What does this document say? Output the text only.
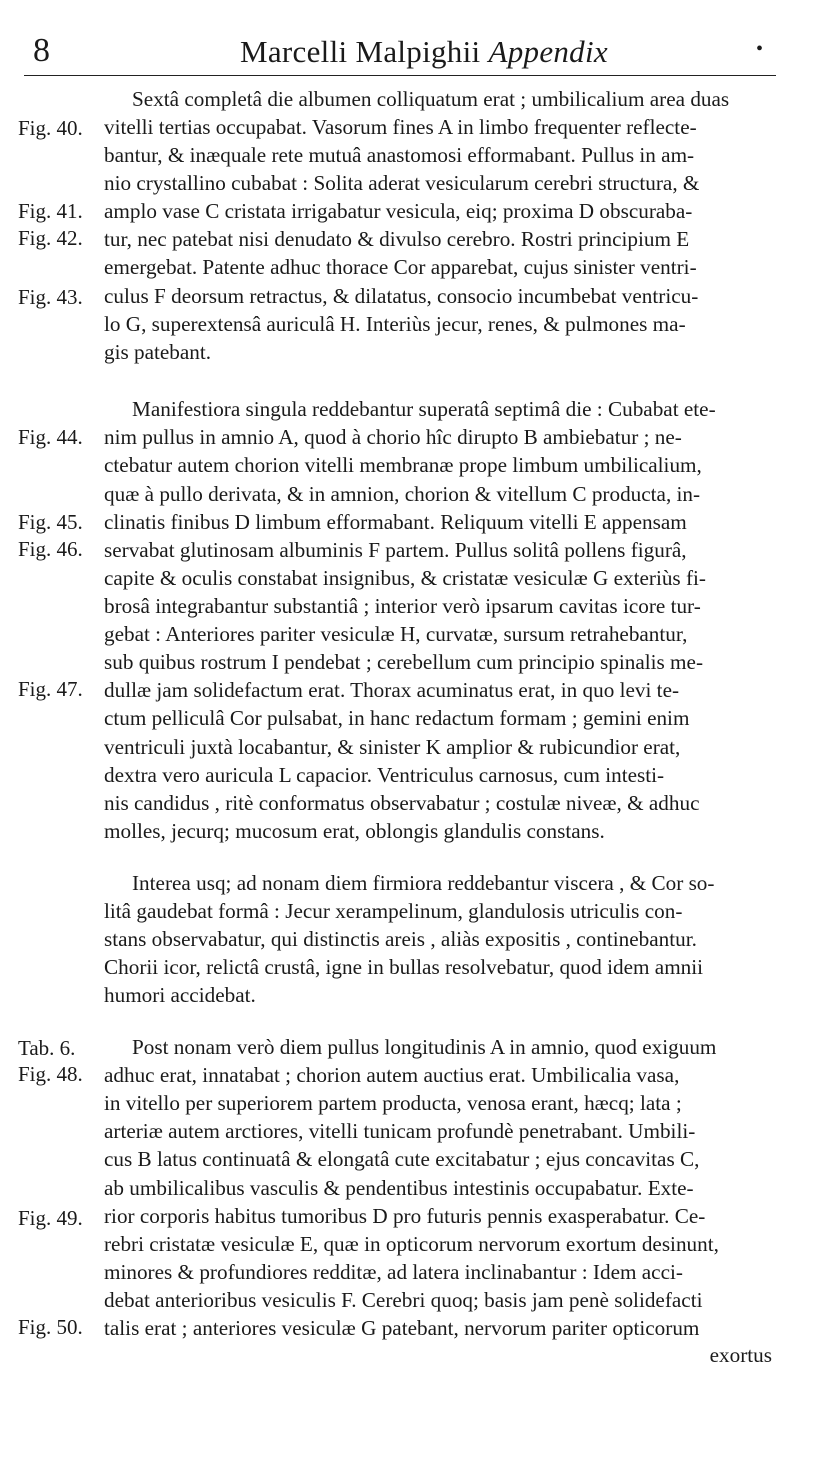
8	Marcelli Malpighii Appendix	•
Fig. 40.
Fig. 41.
Fig. 42.
Fig. 43.
Fig. 44.
Fig. 45.
Fig. 46.
Fig. 47.
Tab. 6.
Fig. 48.
Fig. 49.
Fig. 50.
Sextâ completâ die albumen colliquatum erat ; umbilicalium area duas
vitelli tertias occupabat. Vasorum fines A in limbo frequenter reflecte-
bantur, & inæquale rete mutuâ anastomosi efformabant. Pullus in am-
nio crystallino cubabat : Solita aderat vesicularum cerebri structura, &
amplo vase C cristata irrigabatur vesicula, eiq; proxima D obscuraba-
tur, nec patebat nisi denudato & divulso cerebro. Rostri principium E
emergebat. Patente adhuc thorace Cor apparebat, cujus sinister ventri-
culus F deorsum retractus, & dilatatus, consocio incumbebat ventricu-
lo G, superextensâ auriculâ H. Interiùs jecur, renes, & pulmones ma-
gis patebant.
Manifestiora singula reddebantur superatâ septimâ die : Cubabat ete-
nim pullus in amnio A, quod à chorio hîc dirupto B ambiebatur ; ne-
ctebatur autem chorion vitelli membranæ prope limbum umbilicalium,
quæ à pullo derivata, & in amnion, chorion & vitellum C producta, in-
clinatis finibus D limbum efformabant. Reliquum vitelli E appensam
servabat glutinosam albuminis F partem. Pullus solitâ pollens figurâ,
capite & oculis constabat insignibus, & cristatæ vesiculæ G exteriùs fi-
brosâ integrabantur substantiâ ; interior verò ipsarum cavitas icore tur-
gebat : Anteriores pariter vesiculæ H, curvatæ, sursum retrahebantur,
sub quibus rostrum I pendebat ; cerebellum cum principio spinalis me-
dullæ jam solidefactum erat. Thorax acuminatus erat, in quo levi te-
ctum pelliculâ Cor pulsabat, in hanc redactum formam ; gemini enim
ventriculi juxtà locabantur, & sinister K amplior & rubicundior erat,
dextra vero auricula L capacior. Ventriculus carnosus, cum intesti-
nis candidus , ritè conformatus observabatur ; costulæ niveæ, & adhuc
molles, jecurq; mucosum erat, oblongis glandulis constans.
Interea usq; ad nonam diem firmiora reddebantur viscera , & Cor so-
litâ gaudebat formâ : Jecur xerampelinum, glandulosis utriculis con-
stans observabatur, qui distinctis areis , aliàs expositis , continebantur.
Chorii icor, relictâ crustâ, igne in bullas resolvebatur, quod idem amnii
humori accidebat.
Post nonam verò diem pullus longitudinis A in amnio, quod exiguum
adhuc erat, innatabat ; chorion autem auctius erat. Umbilicalia vasa,
in vitello per superiorem partem producta, venosa erant, hæcq; lata ;
arteriæ autem arctiores, vitelli tunicam profundè penetrabant. Umbili-
cus B latus continuatâ & elongatâ cute excitabatur ; ejus concavitas C,
ab umbilicalibus vasculis & pendentibus intestinis occupabatur. Exte-
rior corporis habitus tumoribus D pro futuris pennis exasperabatur. Ce-
rebri cristatæ vesiculæ E, quæ in opticorum nervorum exortum desinunt,
minores & profundiores redditæ, ad latera inclinabantur : Idem acci-
debat anterioribus vesiculis F. Cerebri quoq; basis jam penè solidefacti
talis erat ; anteriores vesiculæ G patebant, nervorum pariter opticorum
exortus
